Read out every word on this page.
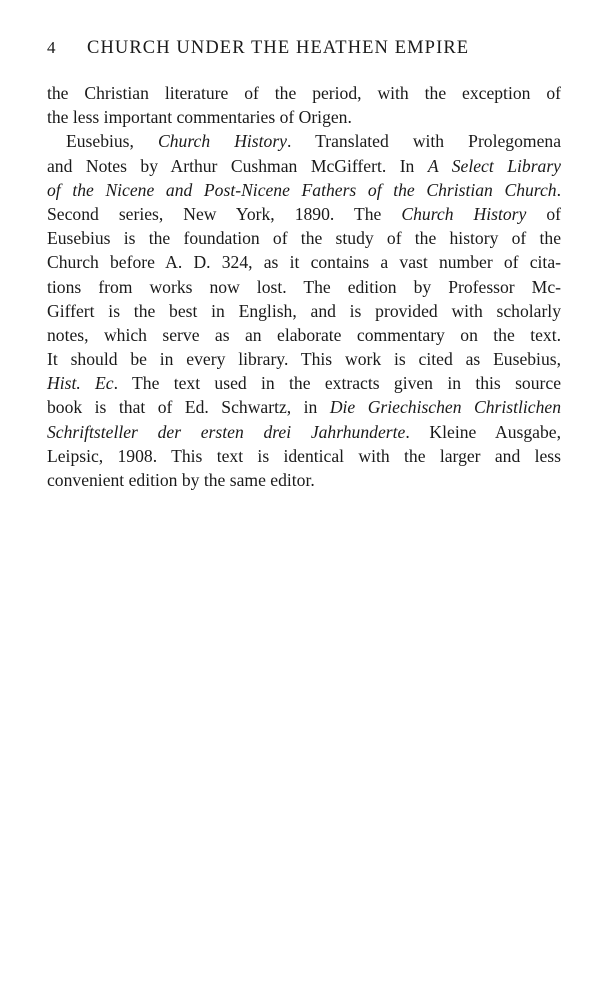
4 CHURCH UNDER THE HEATHEN EMPIRE
the Christian literature of the period, with the exception of
the less important commentaries of Origen.
Eusebius, Church History. Translated with Prolegomena
and Notes by Arthur Cushman McGiffert. In A Select Library
of the Nicene and Post-Nicene Fathers of the Christian Church.
Second series, New York, 1890. The Church History of
Eusebius is the foundation of the study of the history of the
Church before A. D. 324, as it contains a vast number of cita-
tions from works now lost. The edition by Professor Mc-
Giffert is the best in English, and is provided with scholarly
notes, which serve as an elaborate commentary on the text.
It should be in every library. This work is cited as Eusebius,
Hist. Ec. The text used in the extracts given in this source
book is that of Ed. Schwartz, in Die Griechischen Christlichen
Schriftsteller der ersten drei Jahrhunderte. Kleine Ausgabe,
Leipsic, 1908. This text is identical with the larger and less
convenient edition by the same editor.
